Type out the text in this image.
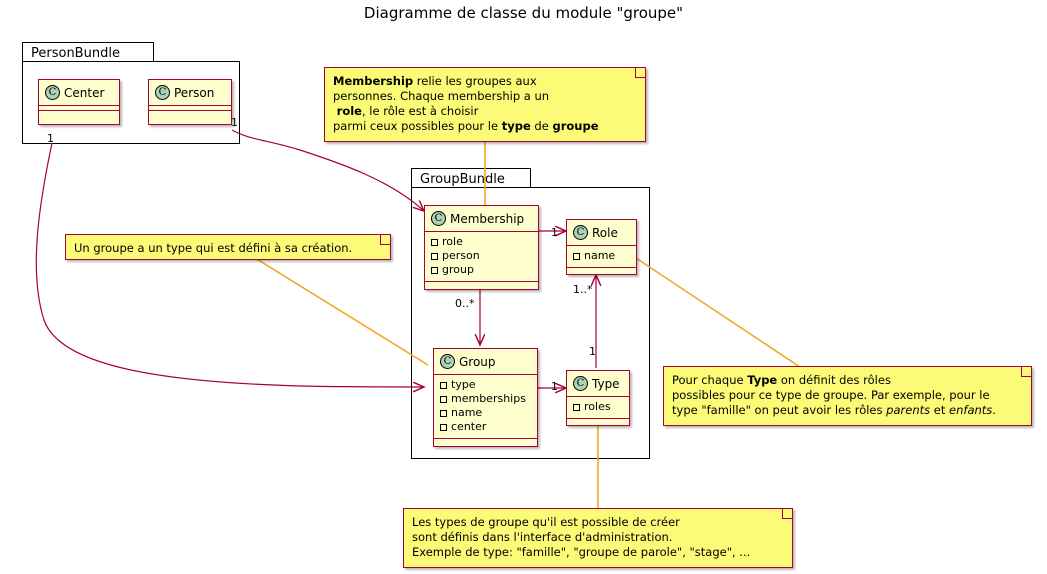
Diagramme de classe du module "groupe"
PersonBundle
GroupBundle
C Center	C Person
C Membership
role
person
group
C Role
name
C Group
type
memberships
name
center
C Type
roles
1
1
1
0..*
1..*
1
1
Membership relie les groupes aux
personnes. Chaque membership a un
role, le rôle est à choisir
parmi ceux possibles pour le type de groupe
Un groupe a un type qui est défini à sa création.
Pour chaque Type on définit des rôles
possibles pour ce type de groupe. Par exemple, pour le
type "famille" on peut avoir les rôles parents et enfants.
Les types de groupe qu'il est possible de créer
sont définis dans l'interface d'administration.
Exemple de type: "famille", "groupe de parole", "stage", ...
